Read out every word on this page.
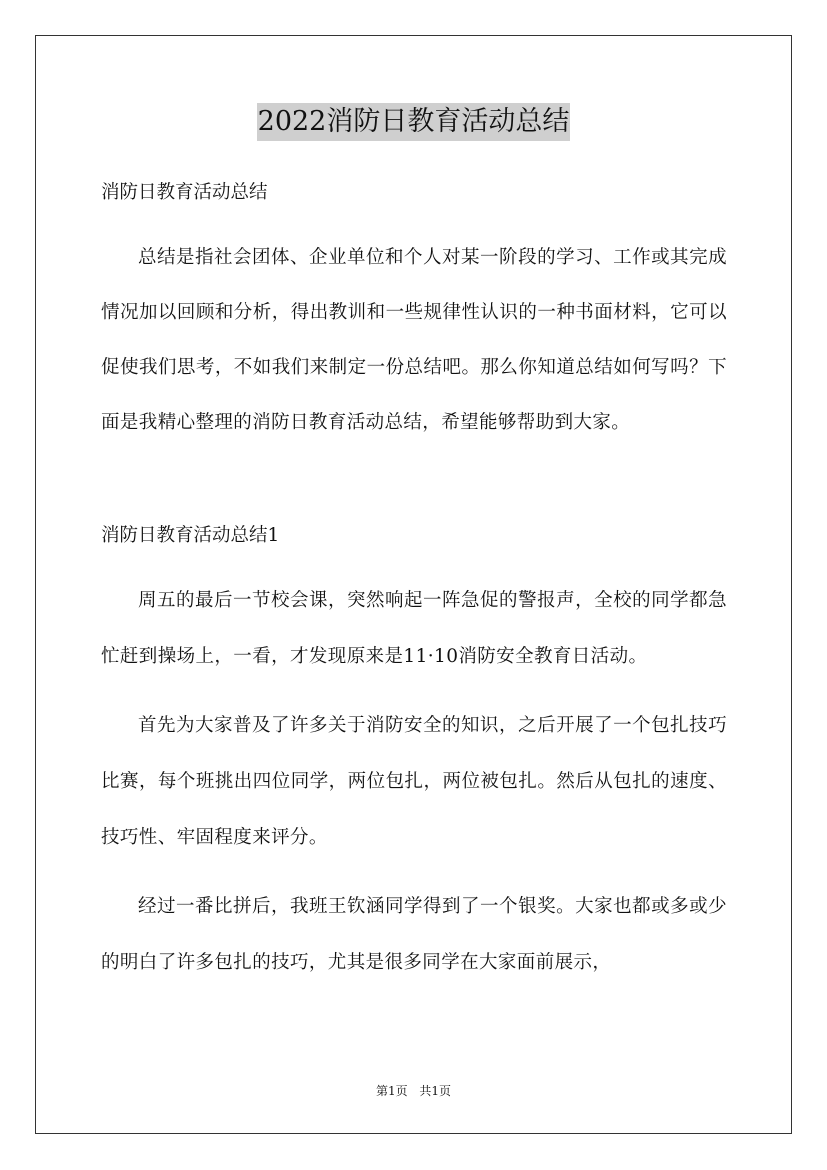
2022消防日教育活动总结

消防日教育活动总结

总结是指社会团体、企业单位和个人对某一阶段的学习、工作或其完成情况加以回顾和分析，得出教训和一些规律性认识的一种书面材料，它可以促使我们思考，不如我们来制定一份总结吧。那么你知道总结如何写吗？下面是我精心整理的消防日教育活动总结，希望能够帮助到大家。

消防日教育活动总结1

周五的最后一节校会课，突然响起一阵急促的警报声，全校的同学都急忙赶到操场上，一看，才发现原来是11·10消防安全教育日活动。

首先为大家普及了许多关于消防安全的知识，之后开展了一个包扎技巧比赛，每个班挑出四位同学，两位包扎，两位被包扎。然后从包扎的速度、技巧性、牢固程度来评分。

经过一番比拼后，我班王钦涵同学得到了一个银奖。大家也都或多或少的明白了许多包扎的技巧，尤其是很多同学在大家面前展示，

第1页 共1页
